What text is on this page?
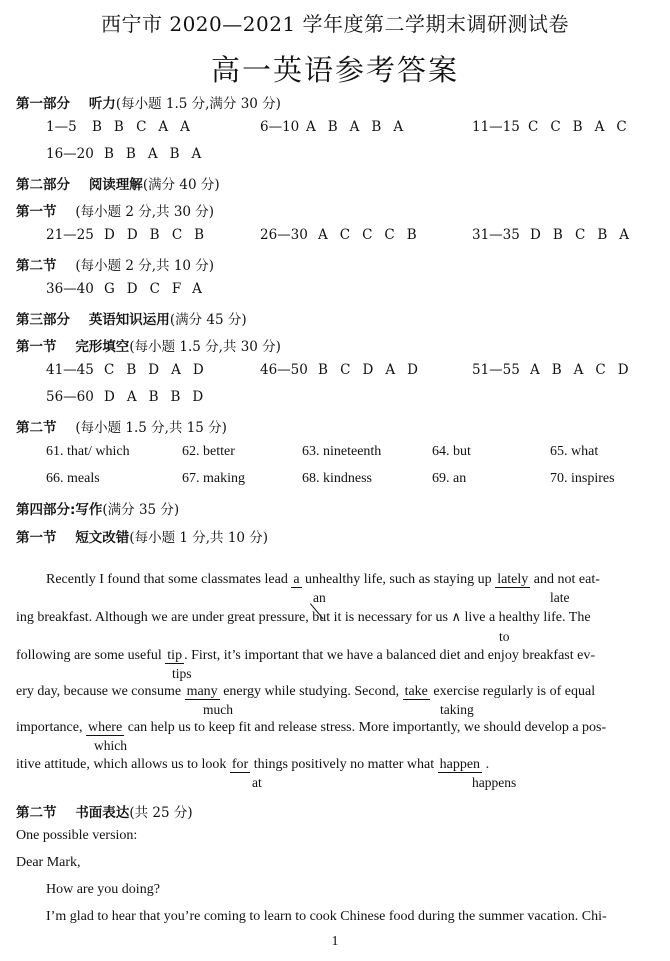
西宁市 2020—2021 学年度第二学期末调研测试卷
高一英语参考答案
第一部分 听力(每小题 1.5 分,满分 30 分)
1—5 BBCAA	6—10 ABABA	11—15 CCBAC
16—20 BBABA
第二部分 阅读理解(满分 40 分)
第一节 (每小题 2 分,共 30 分)
21—25 DDBCB	26—30 ACCCB	31—35 DBCBA
第二节 (每小题 2 分,共 10 分)
36—40 GDCFA
第三部分 英语知识运用(满分 45 分)
第一节 完形填空(每小题 1.5 分,共 30 分)
41—45 CBDAD	46—50 BCDAD	51—55 ABACD
56—60 DABBD
第二节 (每小题 1.5 分,共 15 分)
61. that/ which	62. better	63. nineteenth	64. but	65. what
66. meals	67. making	68. kindness	69. an	70. inspires
第四部分:写作(满分 35 分)
第一节 短文改错(每小题 1 分,共 10 分)
Recently I found that some classmates lead a unhealthy life, such as staying up lately and not eat-
an	late
ing breakfast. Although we are under great pressure, but it is necessary for us ∧ live a healthy life. The
to
following are some useful tip . First, it’s important that we have a balanced diet and enjoy breakfast ev-
tips
ery day, because we consume many energy while studying. Second, take exercise regularly is of equal
much	taking
importance, where can help us to keep fit and release stress. More importantly, we should develop a pos-
which
itive attitude, which allows us to look for things positively no matter what happen .
at	happens
第二节 书面表达(共 25 分)
One possible version:
Dear Mark,
How are you doing?
I’m glad to hear that you’re coming to learn to cook Chinese food during the summer vacation. Chi-
1
